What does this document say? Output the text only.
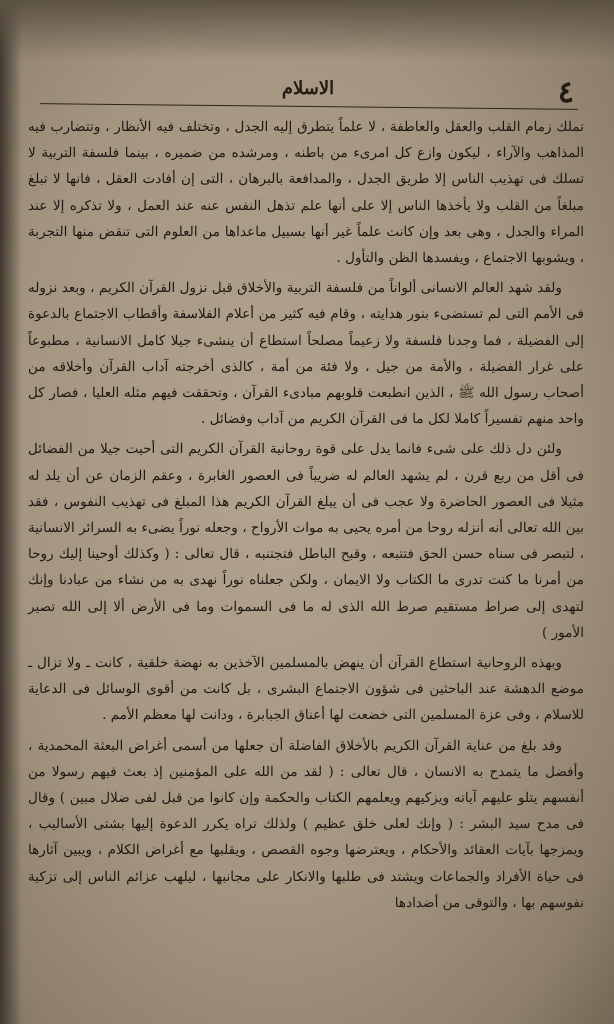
٤
الاسلام

تملك زمام القلب والعقل والعاطفة ، لا علماً يتطرق إليه الجدل ، وتختلف فيه الأنظار ، وتتضارب فيه المذاهب والآراء ، ليكون وازع كل امرىء من باطنه ، ومرشده من ضميره ، بينما فلسفة التربية لا تسلك فى تهذيب الناس إلا طريق الجدل ، والمدافعة بالبرهان ، التى إن أفادت العقل ، فانها لا تبلغ مبلغاً من القلب ولا يأخذها الناس إلا على أنها علم تذهل النفس عنه عند العمل ، ولا تذكره إلا عند المراء والجدل ، وهى بعد وإن كانت علماً غير أنها بسبيل ماعداها من العلوم التى تنقض منها التجربة ، ويشوبها الاجتماع ، ويفسدها الظن والتأول .

ولقد شهد العالم الانسانى ألواناً من فلسفة التربية والأخلاق قبل نزول القرآن الكريم ، وبعد نزوله فى الأمم التى لم تستضىء بنور هدايته ، وقام فيه كثير من أعلام الفلاسفة وأقطاب الاجتماع بالدعوة إلى الفضيلة ، فما وجدنا فلسفة ولا زعيماً مصلحاً استطاع أن ينشىء جيلا كامل الانسانية ، مطبوعاً على غرار الفضيلة ، والأمة من جيل ، ولا فئة من أمة ، كالذى أخرجته آداب القرآن وأخلاقه من أصحاب رسول الله ﷺ ، الذين انطبعت قلوبهم مبادىء القرآن ، وتحققت فيهم مثله العليا ، فصار كل واحد منهم تفسيراً كاملا لكل ما فى القرآن الكريم من آداب وفضائل .

ولئن دل ذلك على شىء فانما يدل على قوة روحانية القرآن الكريم التى أحيت جيلا من الفضائل فى أقل من ربع قرن ، لم يشهد العالم له ضريباً فى العصور الغابرة ، وعقم الزمان عن أن يلد له مثيلا فى العصور الحاضرة ولا عجب فى أن يبلغ القرآن الكريم هذا المبلغ فى تهذيب النفوس ، فقد بين الله تعالى أنه أنزله روحا من أمره يحيى به موات الأرواح ، وجعله نوراً يضىء به السرائر الانسانية ، لتبصر فى سناه حسن الحق فتتبعه ، وقبح الباطل فتجتنبه ، قال تعالى : ( وكذلك أوحينا إليك روحا من أمرنا ما كنت تدرى ما الكتاب ولا الايمان ، ولكن جعلناه نوراً نهدى به من نشاء من عبادنا وإنك لتهدى إلى صراط مستقيم صرط الله الذى له ما فى السموات وما فى الأرض ألا إلى الله تصير الأمور )

وبهذه الروحانية استطاع القرآن أن ينهض بالمسلمين الآخذين به نهضة خلقية ، كانت ـ ولا تزال ـ موضع الدهشة عند الباحثين فى شؤون الاجتماع البشرى ، بل كانت من أقوى الوسائل فى الدعاية للاسلام ، وفى عزة المسلمين التى خضعت لها أعناق الجبابرة ، ودانت لها معظم الأمم .

وقد بلغ من عناية القرآن الكريم بالأخلاق الفاضلة أن جعلها من أسمى أغراض البعثة المحمدية ، وأفضل ما يتمدح به الانسان ، قال تعالى : ( لقد من الله على المؤمنين إذ بعث فيهم رسولا من أنفسهم يتلو عليهم آياته ويزكيهم ويعلمهم الكتاب والحكمة وإن كانوا من قبل لفى ضلال مبين ) وقال فى مدح سيد البشر : ( وإنك لعلى خلق عظيم ) ولذلك تراه يكرر الدعوة إليها بشتى الأساليب ، ويمزجها بآيات العقائد والأحكام ، ويعترضها وجوه القصص ، ويقلبها مع أغراض الكلام ، ويبين آثارها فى حياة الأفراد والجماعات ويشتد فى طلبها والانكار على مجانبها ، ليلهب عزائم الناس إلى تزكية نفوسهم بها ، والتوقى من أضدادها
